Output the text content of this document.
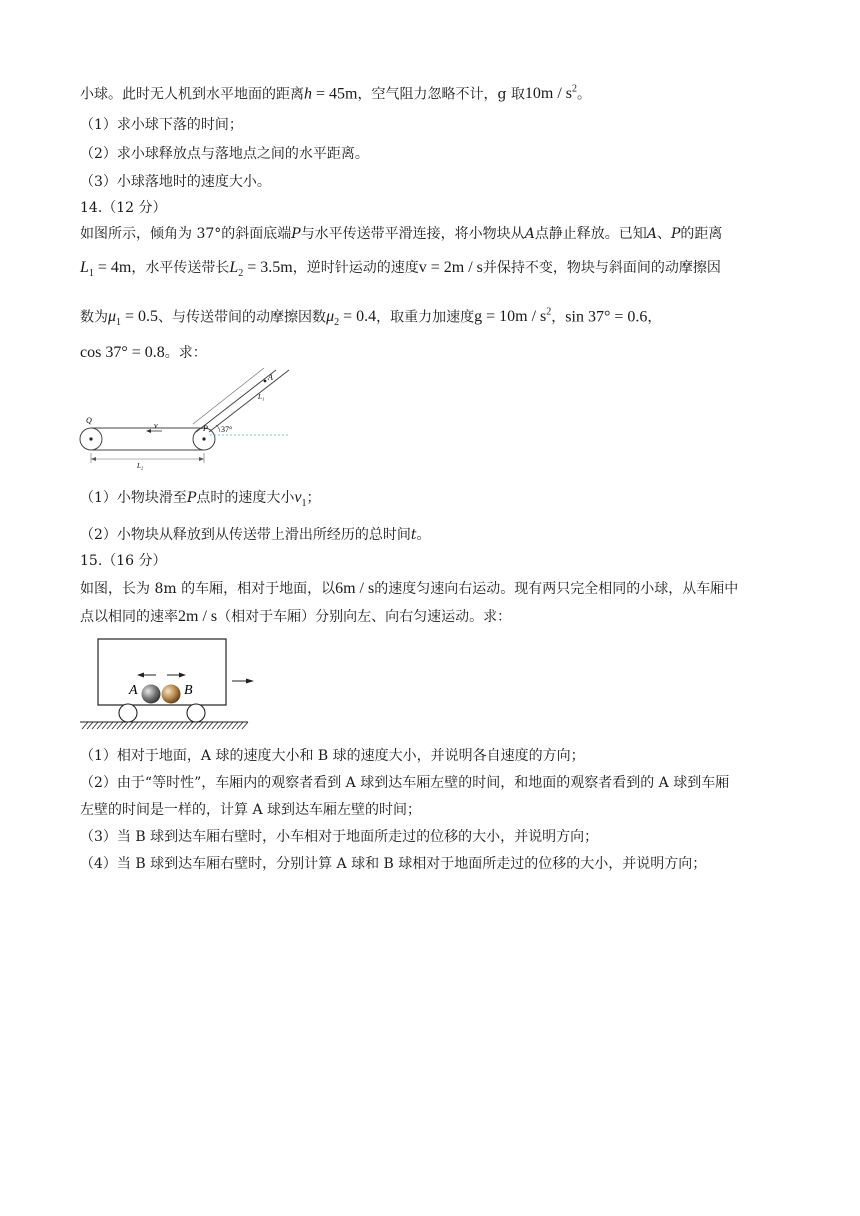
小球。此时无人机到水平地面的距离h = 45m，空气阻力忽略不计，g 取$10m / s^2$。
（1）求小球下落的时间；
（2）求小球释放点与落地点之间的水平距离。
（3）小球落地时的速度大小。
14.（12 分）
如图所示，倾角为 37°的斜面底端P与水平传送带平滑连接，将小物块从A点静止释放。已知A、P的距离
$L_1 = 4m$，水平传送带长$L_2 = 3.5m$，逆时针运动的速度v = 2m / s并保持不变，物块与斜面间的动摩擦因
数为$\mu_1 = 0.5$、与传送带间的动摩擦因数$\mu_2 = 0.4$，取重力加速度$g = 10m / s^2$，sin 37° = 0.6，
cos 37° = 0.8。求：
L₁
A
37°
Q
P
v
L₂
（1）小物块滑至P点时的速度大小$v_1$；
（2）小物块从释放到从传送带上滑出所经历的总时间t。
15.（16 分）
如图，长为 8m 的车厢，相对于地面，以6m / s的速度匀速向右运动。现有两只完全相同的小球，从车厢中
点以相同的速率2m / s（相对于车厢）分别向左、向右匀速运动。求：
A	B
（1）相对于地面，A 球的速度大小和 B 球的速度大小，并说明各自速度的方向；
（2）由于“等时性”，车厢内的观察者看到 A 球到达车厢左壁的时间，和地面的观察者看到的 A 球到车厢
左壁的时间是一样的，计算 A 球到达车厢左壁的时间；
（3）当 B 球到达车厢右壁时，小车相对于地面所走过的位移的大小，并说明方向；
（4）当 B 球到达车厢右壁时，分别计算 A 球和 B 球相对于地面所走过的位移的大小，并说明方向；
